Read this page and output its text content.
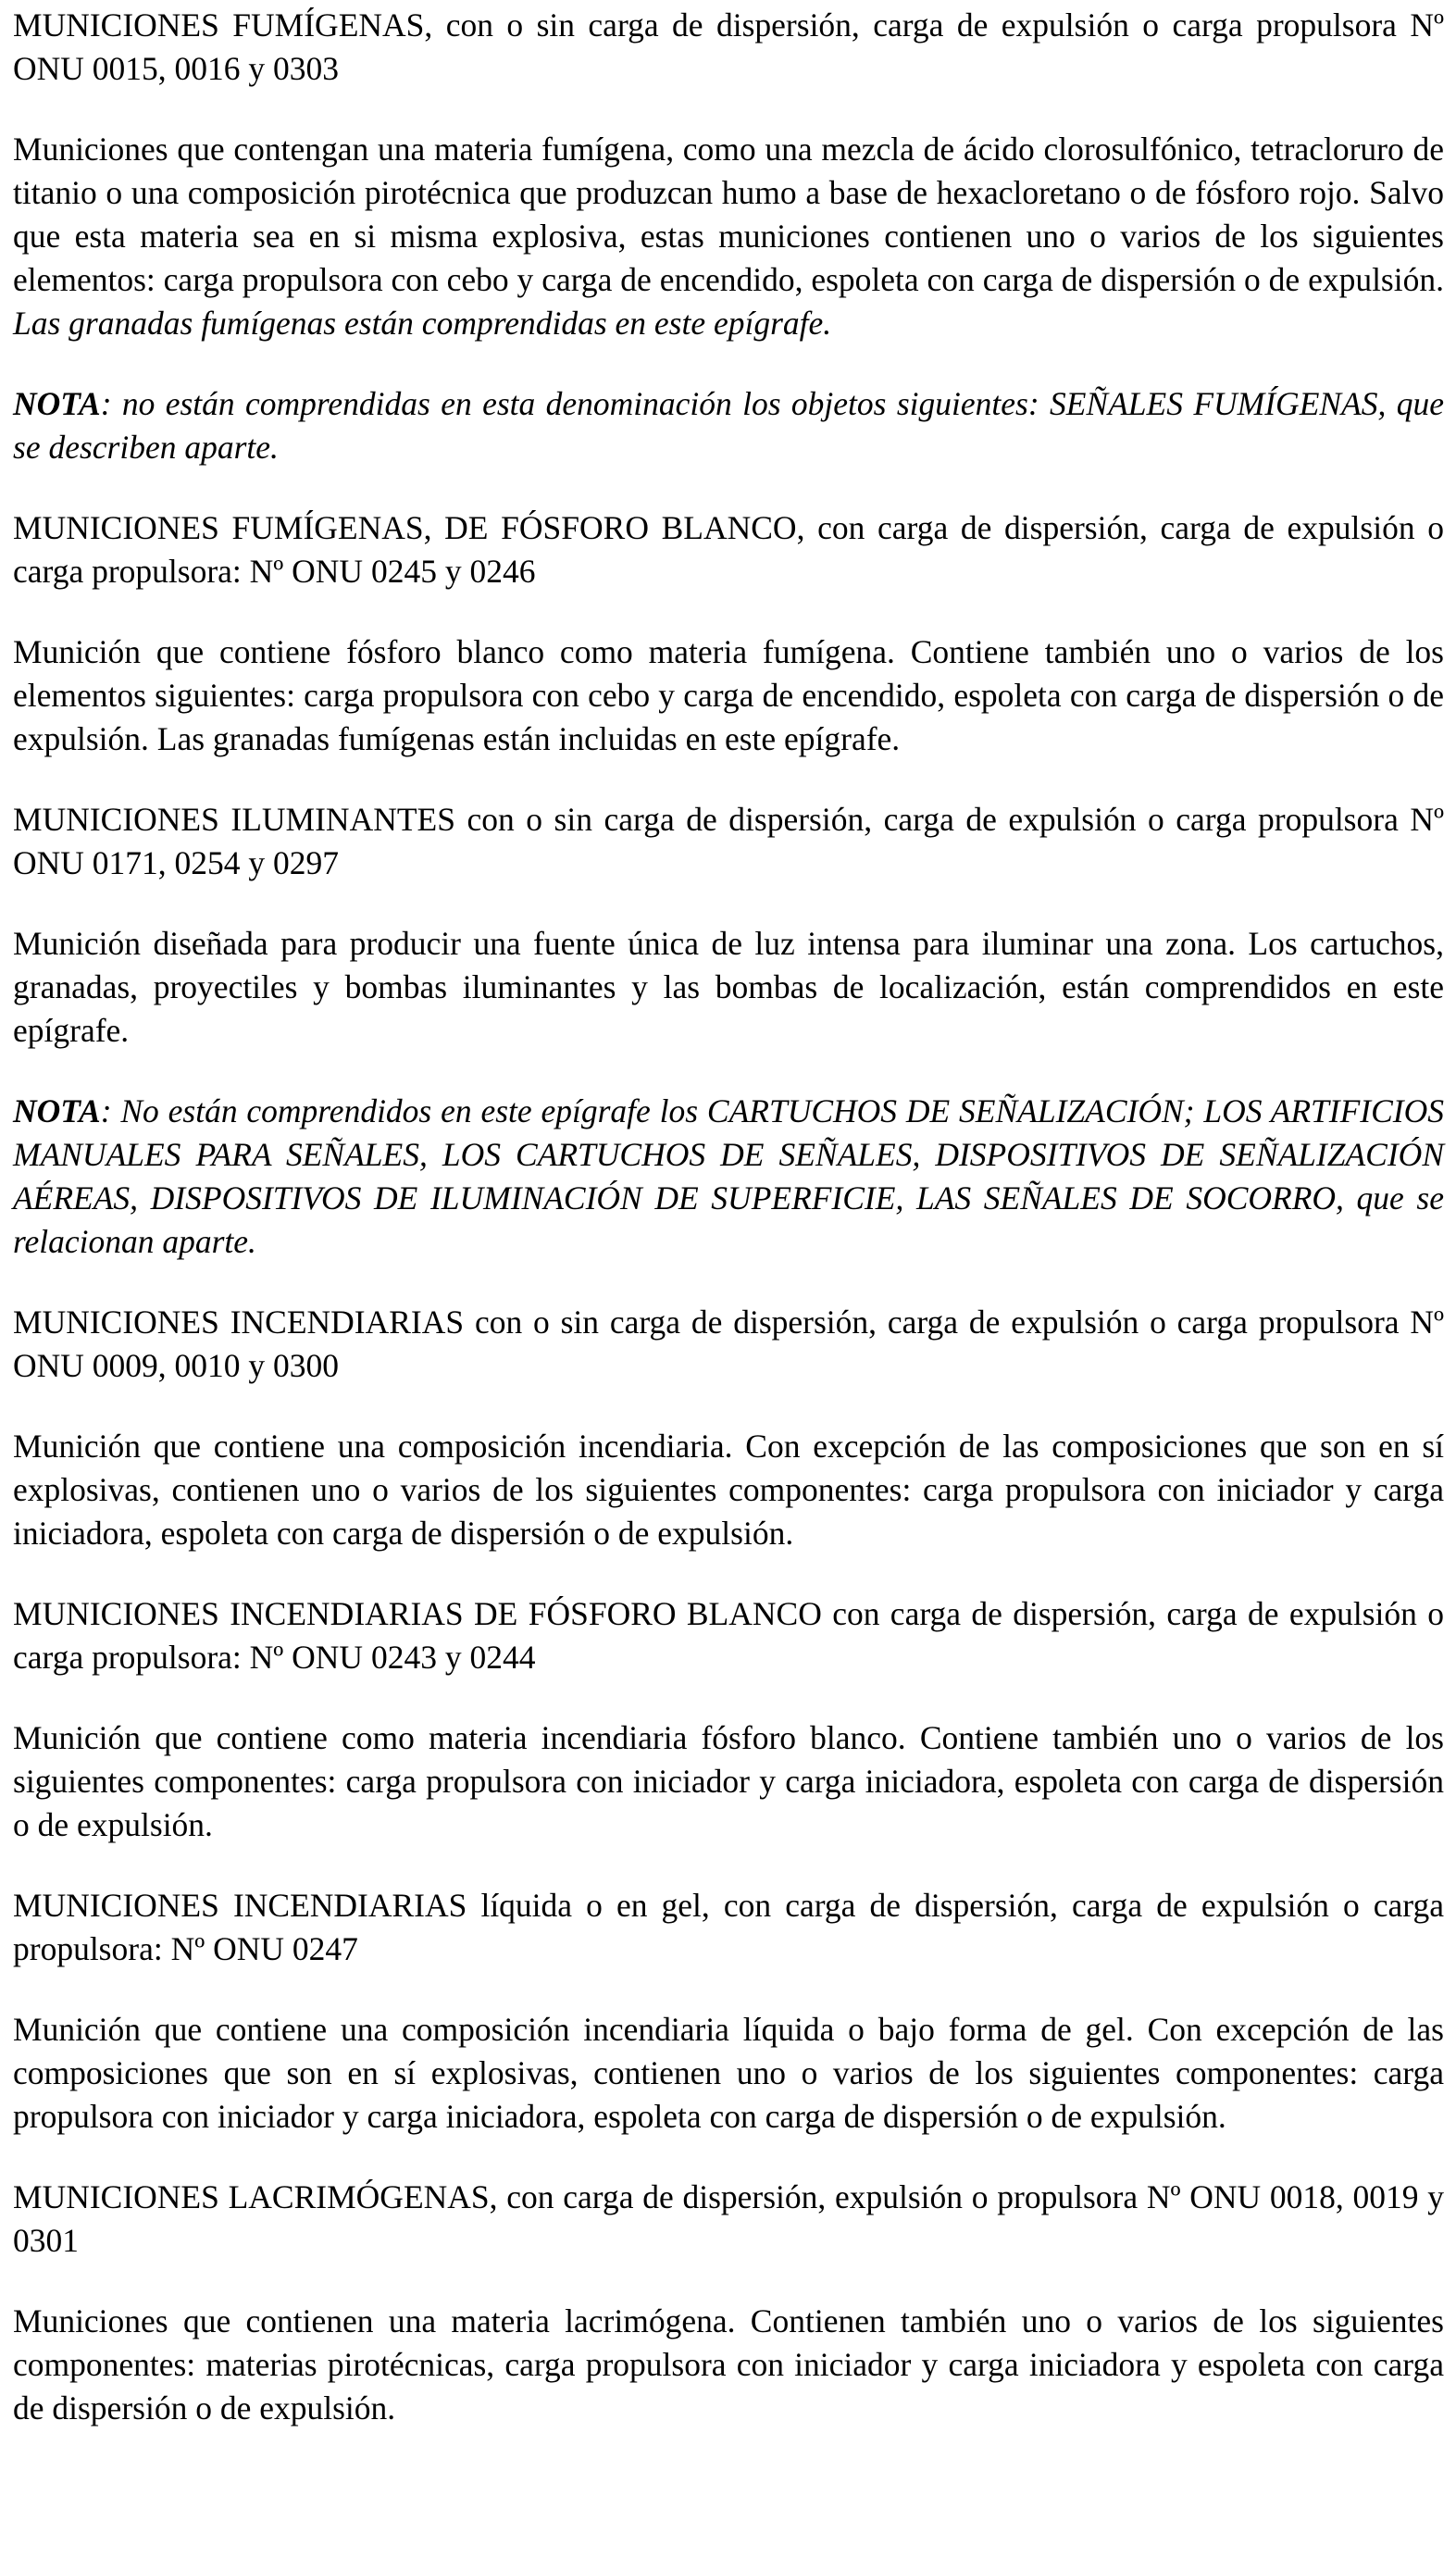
MUNICIONES FUMÍGENAS, con o sin carga de dispersión, carga de expulsión o carga propulsora Nº ONU 0015, 0016 y 0303

Municiones que contengan una materia fumígena, como una mezcla de ácido clorosulfónico, tetracloruro de titanio o una composición pirotécnica que produzcan humo a base de hexacloretano o de fósforo rojo. Salvo que esta materia sea en si misma explosiva, estas municiones contienen uno o varios de los siguientes elementos: carga propulsora con cebo y carga de encendido, espoleta con carga de dispersión o de expulsión. Las granadas fumígenas están comprendidas en este epígrafe.

NOTA: no están comprendidas en esta denominación los objetos siguientes: SEÑALES FUMÍGENAS, que se describen aparte.

MUNICIONES FUMÍGENAS, DE FÓSFORO BLANCO, con carga de dispersión, carga de expulsión o carga propulsora: Nº ONU 0245 y 0246

Munición que contiene fósforo blanco como materia fumígena. Contiene también uno o varios de los elementos siguientes: carga propulsora con cebo y carga de encendido, espoleta con carga de dispersión o de expulsión. Las granadas fumígenas están incluidas en este epígrafe.

MUNICIONES ILUMINANTES con o sin carga de dispersión, carga de expulsión o carga propulsora Nº ONU 0171, 0254 y 0297

Munición diseñada para producir una fuente única de luz intensa para iluminar una zona. Los cartuchos, granadas, proyectiles y bombas iluminantes y las bombas de localización, están comprendidos en este epígrafe.

NOTA: No están comprendidos en este epígrafe los CARTUCHOS DE SEÑALIZACIÓN; LOS ARTIFICIOS MANUALES PARA SEÑALES, LOS CARTUCHOS DE SEÑALES, DISPOSITIVOS DE SEÑALIZACIÓN AÉREAS, DISPOSITIVOS DE ILUMINACIÓN DE SUPERFICIE, LAS SEÑALES DE SOCORRO, que se relacionan aparte.

MUNICIONES INCENDIARIAS con o sin carga de dispersión, carga de expulsión o carga propulsora Nº ONU 0009, 0010 y 0300

Munición que contiene una composición incendiaria. Con excepción de las composiciones que son en sí explosivas, contienen uno o varios de los siguientes componentes: carga propulsora con iniciador y carga iniciadora, espoleta con carga de dispersión o de expulsión.

MUNICIONES INCENDIARIAS DE FÓSFORO BLANCO con carga de dispersión, carga de expulsión o carga propulsora: Nº ONU 0243 y 0244

Munición que contiene como materia incendiaria fósforo blanco. Contiene también uno o varios de los siguientes componentes: carga propulsora con iniciador y carga iniciadora, espoleta con carga de dispersión o de expulsión.

MUNICIONES INCENDIARIAS líquida o en gel, con carga de dispersión, carga de expulsión o carga propulsora: Nº ONU 0247

Munición que contiene una composición incendiaria líquida o bajo forma de gel. Con excepción de las composiciones que son en sí explosivas, contienen uno o varios de los siguientes componentes: carga propulsora con iniciador y carga iniciadora, espoleta con carga de dispersión o de expulsión.

MUNICIONES LACRIMÓGENAS, con carga de dispersión, expulsión o propulsora Nº ONU 0018, 0019 y 0301

Municiones que contienen una materia lacrimógena. Contienen también uno o varios de los siguientes componentes: materias pirotécnicas, carga propulsora con iniciador y carga iniciadora y espoleta con carga de dispersión o de expulsión.
